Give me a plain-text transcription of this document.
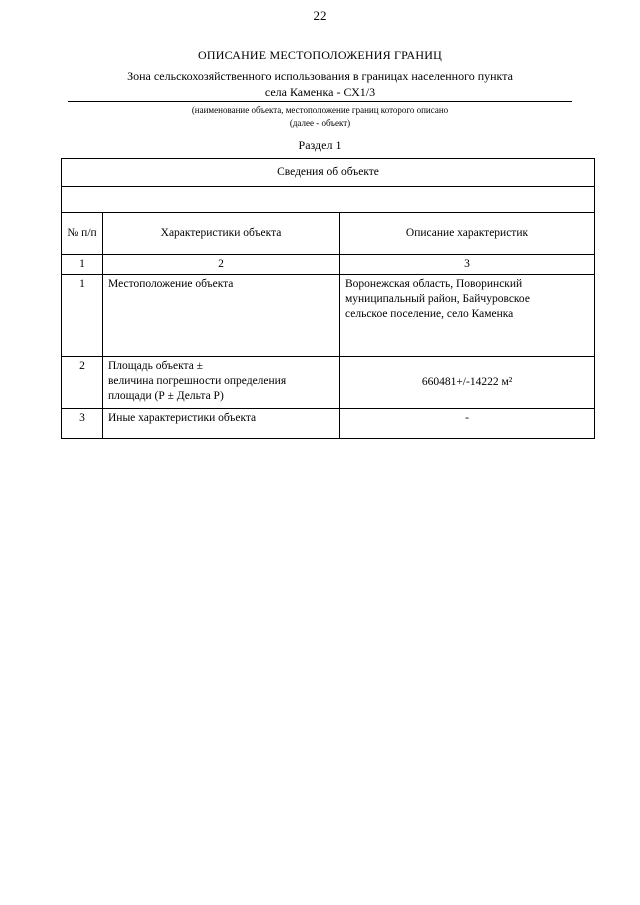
22
ОПИСАНИЕ МЕСТОПОЛОЖЕНИЯ ГРАНИЦ
Зона сельскохозяйственного использования в границах населенного пункта
села Каменка - СХ1/3
(наименование объекта, местоположение границ которого описано
(далее - объект)
Раздел 1
Сведения об объекте		

№ п/п	Характеристики объекта	Описание характеристик
1	2	3
1	Местоположение объекта	Воронежская область, Поворинский
муниципальный район, Байчуровское
сельское поселение, село Каменка

2	Площадь объекта ±
величина погрешности определения
площади (Р ± Дельта Р)	660481+/-14222 м²
3	Иные характеристики объекта	-
